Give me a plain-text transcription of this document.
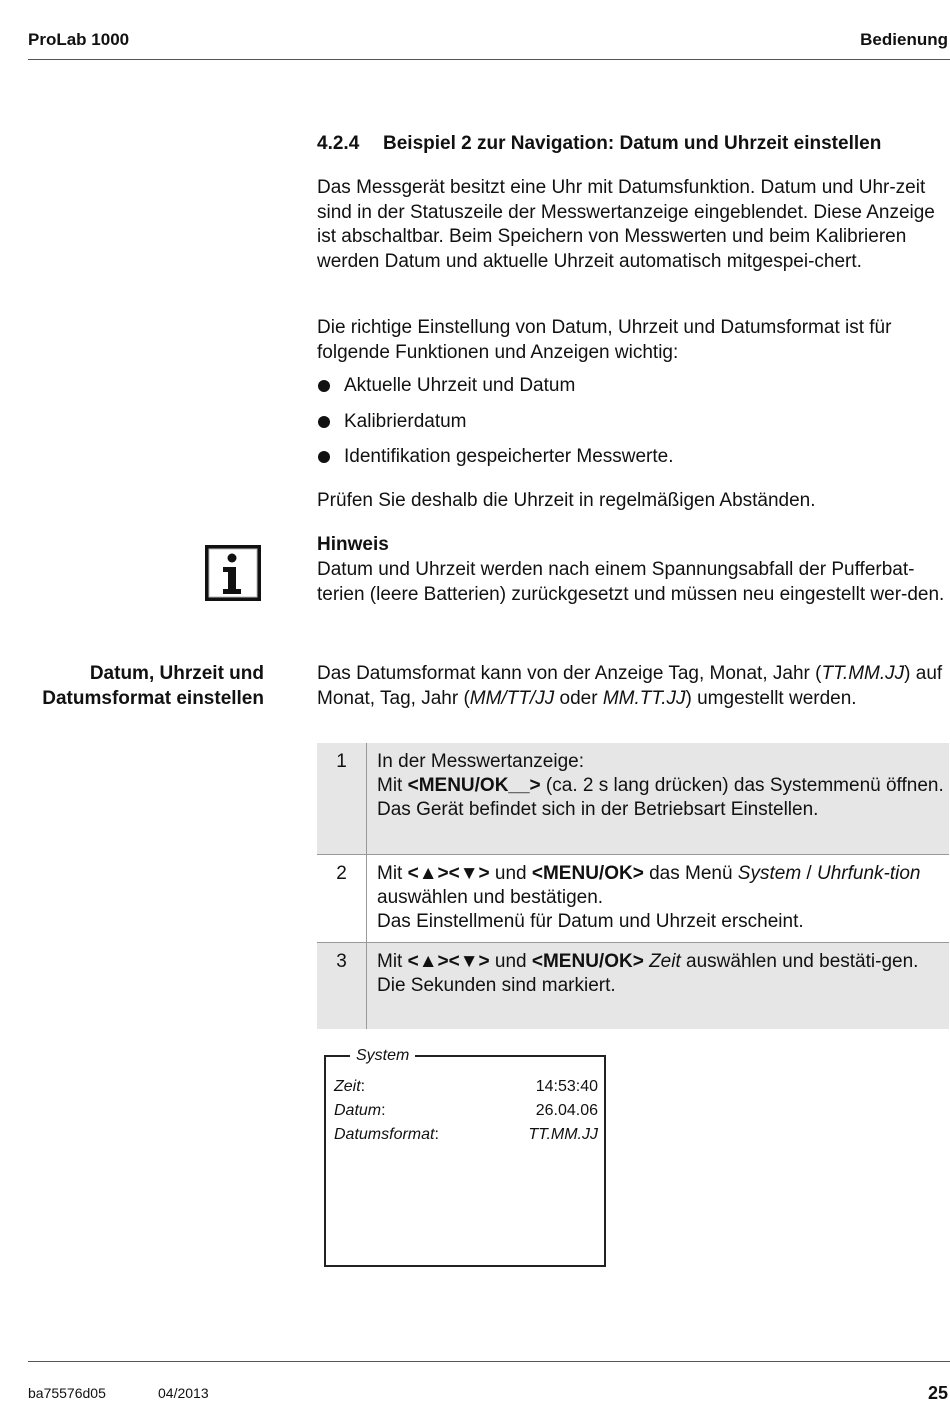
ProLab 1000	Bedienung
4.2.4 Beispiel 2 zur Navigation: Datum und Uhrzeit einstellen

Das Messgerät besitzt eine Uhr mit Datumsfunktion. Datum und Uhr-zeit sind in der Statuszeile der Messwertanzeige eingeblendet. Diese Anzeige ist abschaltbar. Beim Speichern von Messwerten und beim Kalibrieren werden Datum und aktuelle Uhrzeit automatisch mitgespei-chert.

Die richtige Einstellung von Datum, Uhrzeit und Datumsformat ist für folgende Funktionen und Anzeigen wichtig:

Aktuelle Uhrzeit und Datum
Kalibrierdatum
Identifikation gespeicherter Messwerte.

Prüfen Sie deshalb die Uhrzeit in regelmäßigen Abständen.

Hinweis

Datum und Uhrzeit werden nach einem Spannungsabfall der Pufferbat-terien (leere Batterien) zurückgesetzt und müssen neu eingestellt wer-den.

Datum, Uhrzeit und
Datumsformat einstellen

Das Datumsformat kann von der Anzeige Tag, Monat, Jahr (TT.MM.JJ) auf Monat, Tag, Jahr (MM/TT/JJ oder MM.TT.JJ) umgestellt werden.

1	In der Messwertanzeige:
Mit <MENU/OK__> (ca. 2 s lang drücken) das Systemmenü öffnen.
Das Gerät befindet sich in der Betriebsart Einstellen.
2	Mit <▲><▼> und <MENU/OK> das Menü System / Uhrfunk-tion auswählen und bestätigen.
Das Einstellmenü für Datum und Uhrzeit erscheint.
3	Mit <▲><▼> und <MENU/OK> Zeit auswählen und bestäti-gen.
Die Sekunden sind markiert.
System
Zeit:	14:53:40
Datum:	26.04.06
Datumsformat:	TT.MM.JJ
ba75576d05	04/2013	25
